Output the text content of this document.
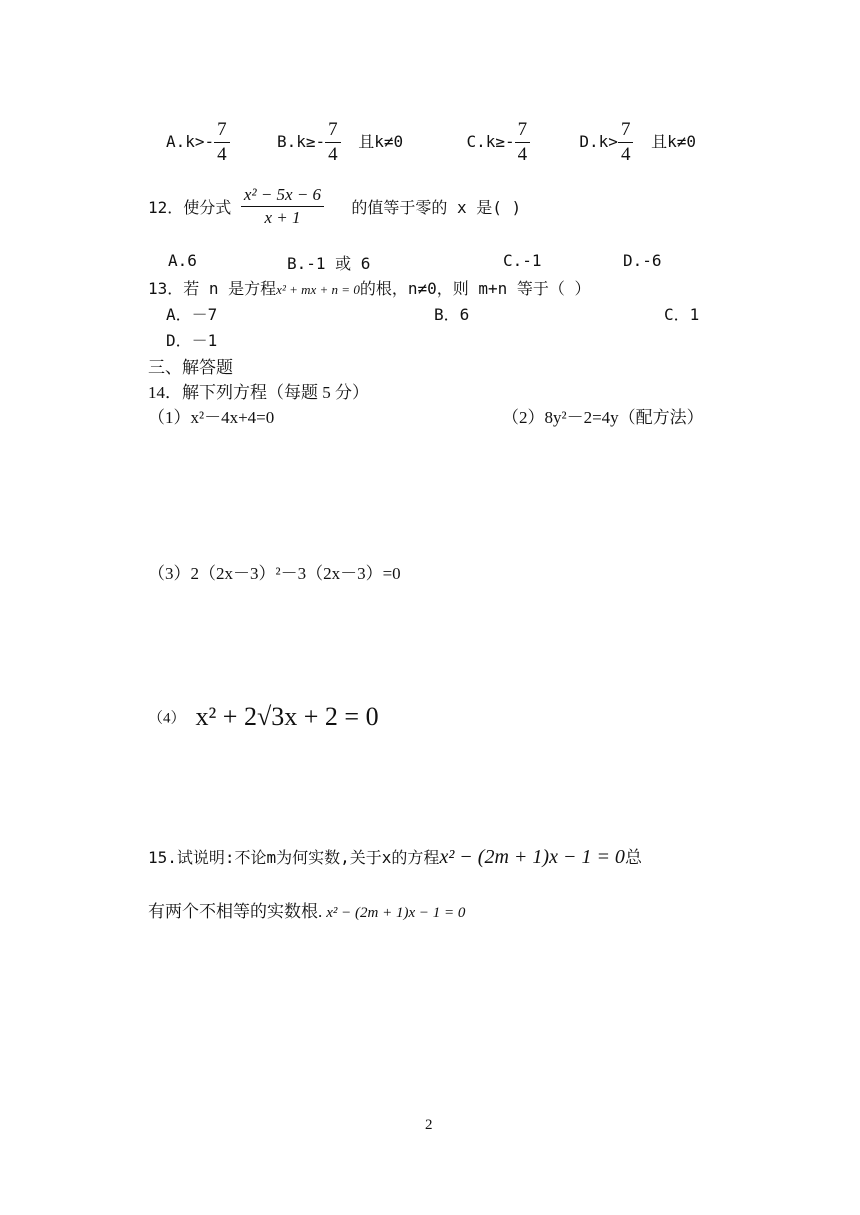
$A.k>- \frac{7}{4}$	$B.k\ge- \frac{7}{4}$ 且k≠0	$C.k\ge- \frac{7}{4}$	$D.k> \frac{7}{4}$ 且k≠0
12．使分式 $\frac{\text{x² − 5x − 6}}{x + 1}$ 的值等于零的 x 是( )
A.6	B.-1 或 6	C.-1	D.-6
13．若 n 是方程x² + mx + n = 0的根，n≠0，则 m+n 等于（ ）
A．－7	B．6	C．1
D．－1
三、解答题
14．解下列方程（每题 5 分）
（1）x²－4x+4=0	（2）8y²－2=4y（配方法）
（3）2（2x－3）²－3（2x－3）=0
（4） x² + 2√3x + 2 = 0
15.试说明:不论m为何实数,关于x的方程x² − (2m + 1)x − 1 = 0总
有两个不相等的实数根. x² − (2m + 1)x − 1 = 0
2
